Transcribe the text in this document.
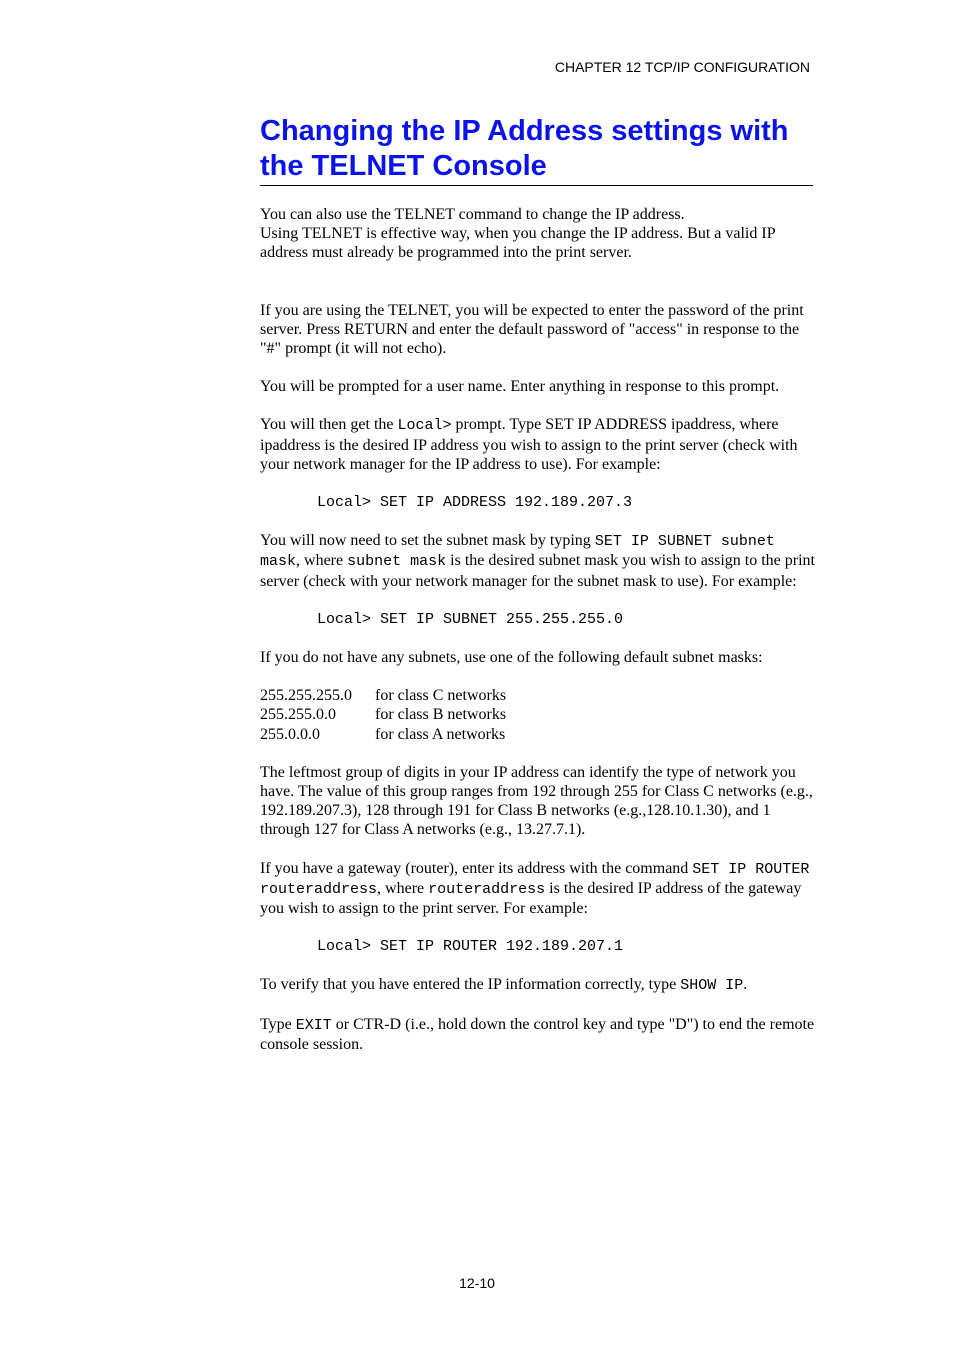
CHAPTER 12 TCP/IP CONFIGURATION
Changing the IP Address settings with
the TELNET Console

You can also use the TELNET command to change the IP address.
Using TELNET is effective way, when you change the IP address. But a valid IP address must already be programmed into the print server.

If you are using the TELNET, you will be expected to enter the password of the print server. Press RETURN and enter the default password of "access" in response to the "#" prompt (it will not echo).

You will be prompted for a user name. Enter anything in response to this prompt.

You will then get the Local> prompt. Type SET IP ADDRESS ipaddress, where ipaddress is the desired IP address you wish to assign to the print server (check with your network manager for the IP address to use). For example:

Local> SET IP ADDRESS 192.189.207.3

You will now need to set the subnet mask by typing SET IP SUBNET subnet mask, where subnet mask is the desired subnet mask you wish to assign to the print server (check with your network manager for the subnet mask to use). For example:

Local> SET IP SUBNET 255.255.255.0

If you do not have any subnets, use one of the following default subnet masks:

255.255.255.0	for class C networks
255.255.0.0	for class B networks
255.0.0.0	for class A networks

The leftmost group of digits in your IP address can identify the type of network you have. The value of this group ranges from 192 through 255 for Class C networks (e.g., 192.189.207.3), 128 through 191 for Class B networks (e.g.,128.10.1.30), and 1 through 127 for Class A networks (e.g., 13.27.7.1).

If you have a gateway (router), enter its address with the command SET IP ROUTER routeraddress, where routeraddress is the desired IP address of the gateway you wish to assign to the print server. For example:

Local> SET IP ROUTER 192.189.207.1

To verify that you have entered the IP information correctly, type SHOW IP.

Type EXIT or CTR-D (i.e., hold down the control key and type "D") to end the remote console session.

12-10
